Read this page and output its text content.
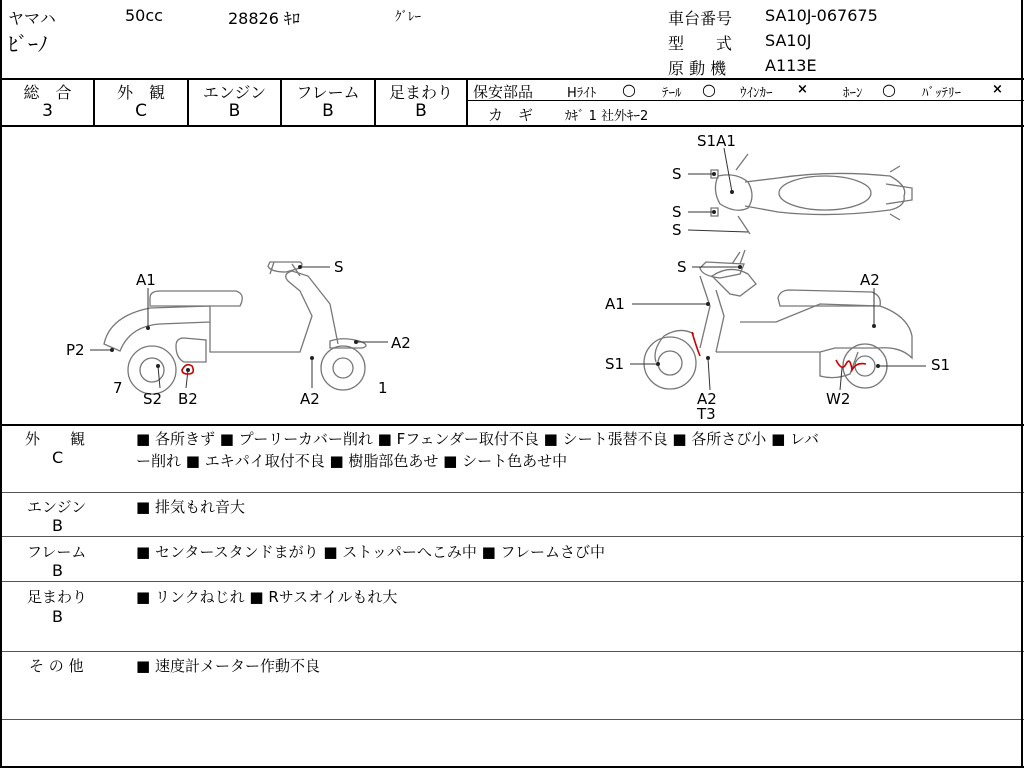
ヤマハ	50cc	28826 ｷﾛ	ｸﾞﾚｰ
ﾋﾞｰﾉ
車台番号 SA10J-067675
型　　式 SA10J
原 動 機 A113E
総　合
3
外　観
C
エンジン
B
フレーム
B
足まわり
B
保安部品	Hﾗｲﾄ ○ ﾃｰﾙ ○ ｳｲﾝｶｰ ×	ﾎｰﾝ ○ ﾊﾞｯﾃﾘｰ ×
カ　ギ ｶｷﾞ 1 社外ｷｰ2
S1A1
S
S
S
A1
S
P2	A2
7
S2 B2	A2
1
S
A2
A1
S1	S1
A2
T3
W2
外　　観
C
■ 各所きず ■ プーリーカバー削れ ■ Fフェンダー取付不良 ■ シート張替不良 ■ 各所さび小 ■ レバ
ー削れ ■ エキパイ取付不良 ■ 樹脂部色あせ ■ シート色あせ中
エンジン
B
■ 排気もれ音大
フレーム
B
■ センタースタンドまがり ■ ストッパーへこみ中 ■ フレームさび中
足まわり
B
■ リンクねじれ ■ Rサスオイルもれ大
そ の 他	■ 速度計メーター作動不良
